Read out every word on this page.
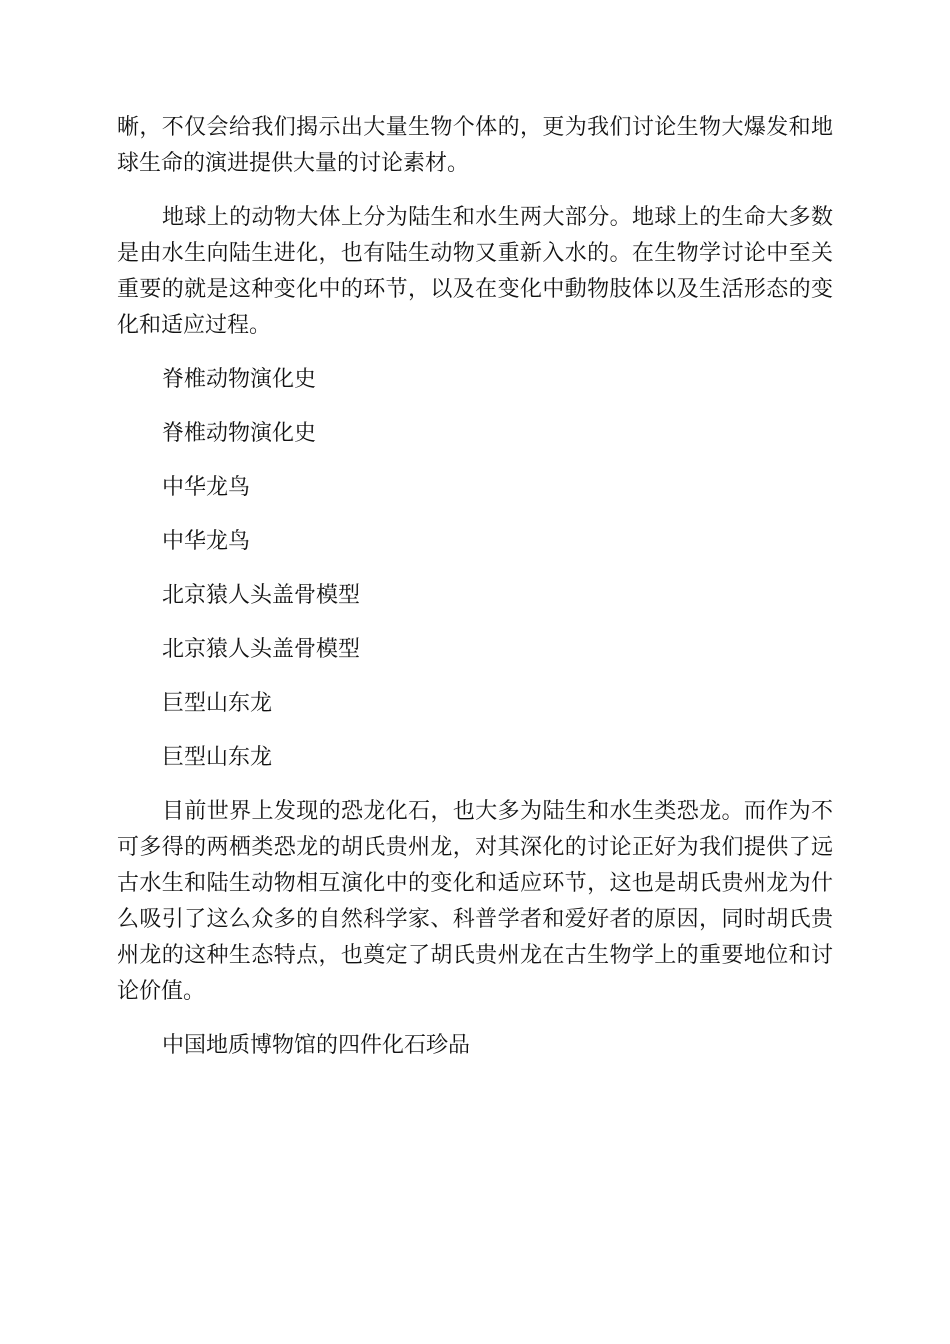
晰，不仅会给我们揭示出大量生物个体的，更为我们讨论生物大爆发和地球生命的演进提供大量的讨论素材。

地球上的动物大体上分为陆生和水生两大部分。地球上的生命大多数是由水生向陆生进化，也有陆生动物又重新入水的。在生物学讨论中至关重要的就是这种变化中的环节，以及在变化中動物肢体以及生活形态的变化和适应过程。

脊椎动物演化史

脊椎动物演化史

中华龙鸟

中华龙鸟

北京猿人头盖骨模型

北京猿人头盖骨模型

巨型山东龙

巨型山东龙

目前世界上发现的恐龙化石，也大多为陆生和水生类恐龙。而作为不可多得的两栖类恐龙的胡氏贵州龙，对其深化的讨论正好为我们提供了远古水生和陆生动物相互演化中的变化和适应环节，这也是胡氏贵州龙为什么吸引了这么众多的自然科学家、科普学者和爱好者的原因，同时胡氏贵州龙的这种生态特点，也奠定了胡氏贵州龙在古生物学上的重要地位和讨论价值。

中国地质博物馆的四件化石珍品
